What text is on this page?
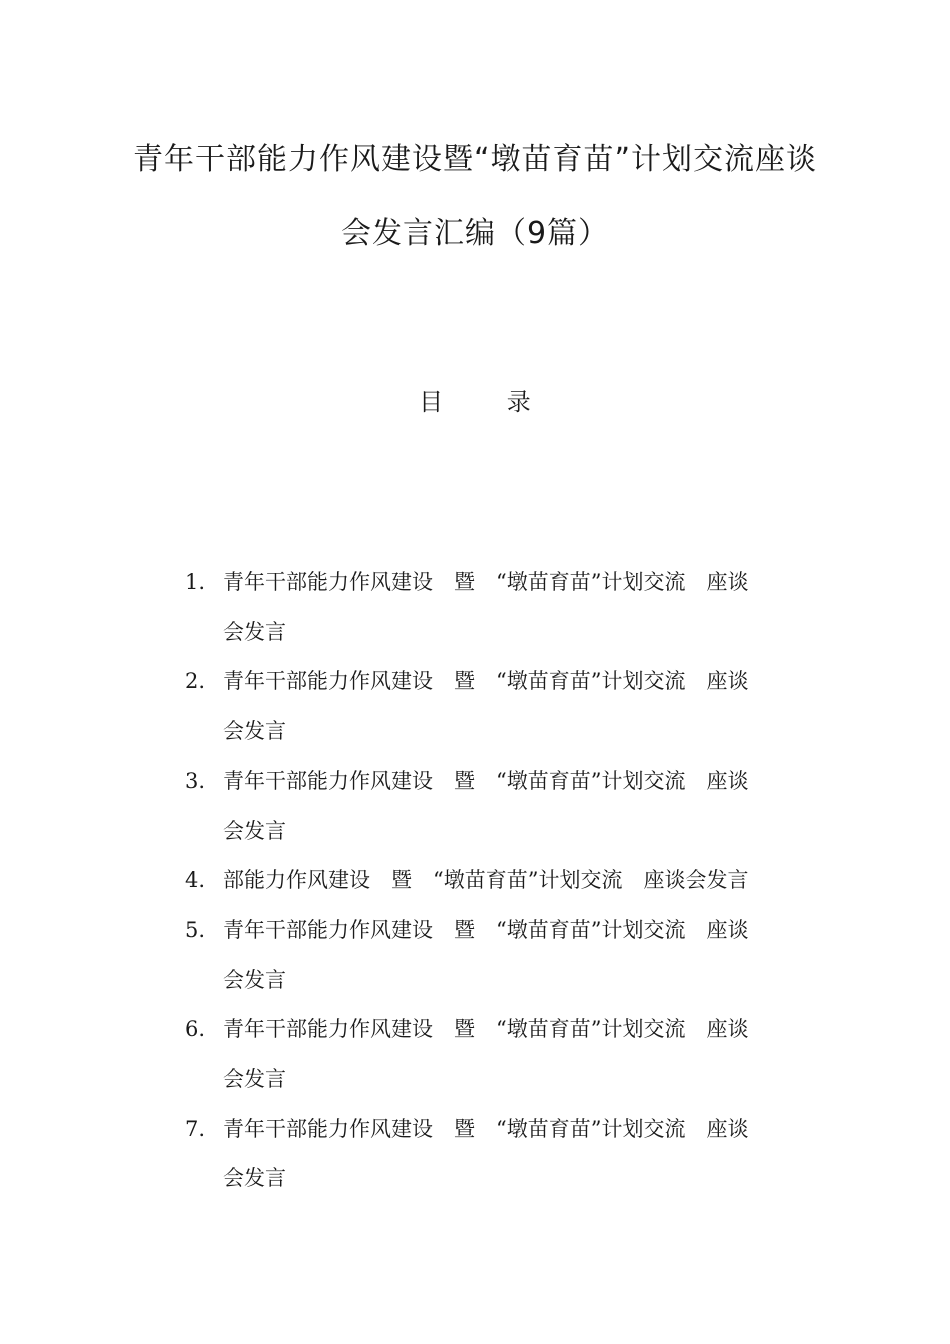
青年干部能力作风建设暨“墩苗育苗”计划交流座谈
会发言汇编（9篇）
目 录
1. 青年干部能力作风建设　暨　“墩苗育苗”计划交流　座谈
会发言
2. 青年干部能力作风建设　暨　“墩苗育苗”计划交流　座谈
会发言
3. 青年干部能力作风建设　暨　“墩苗育苗”计划交流　座谈
会发言
4. 部能力作风建设　暨　“墩苗育苗”计划交流　座谈会发言
5. 青年干部能力作风建设　暨　“墩苗育苗”计划交流　座谈
会发言
6. 青年干部能力作风建设　暨　“墩苗育苗”计划交流　座谈
会发言
7. 青年干部能力作风建设　暨　“墩苗育苗”计划交流　座谈
会发言
